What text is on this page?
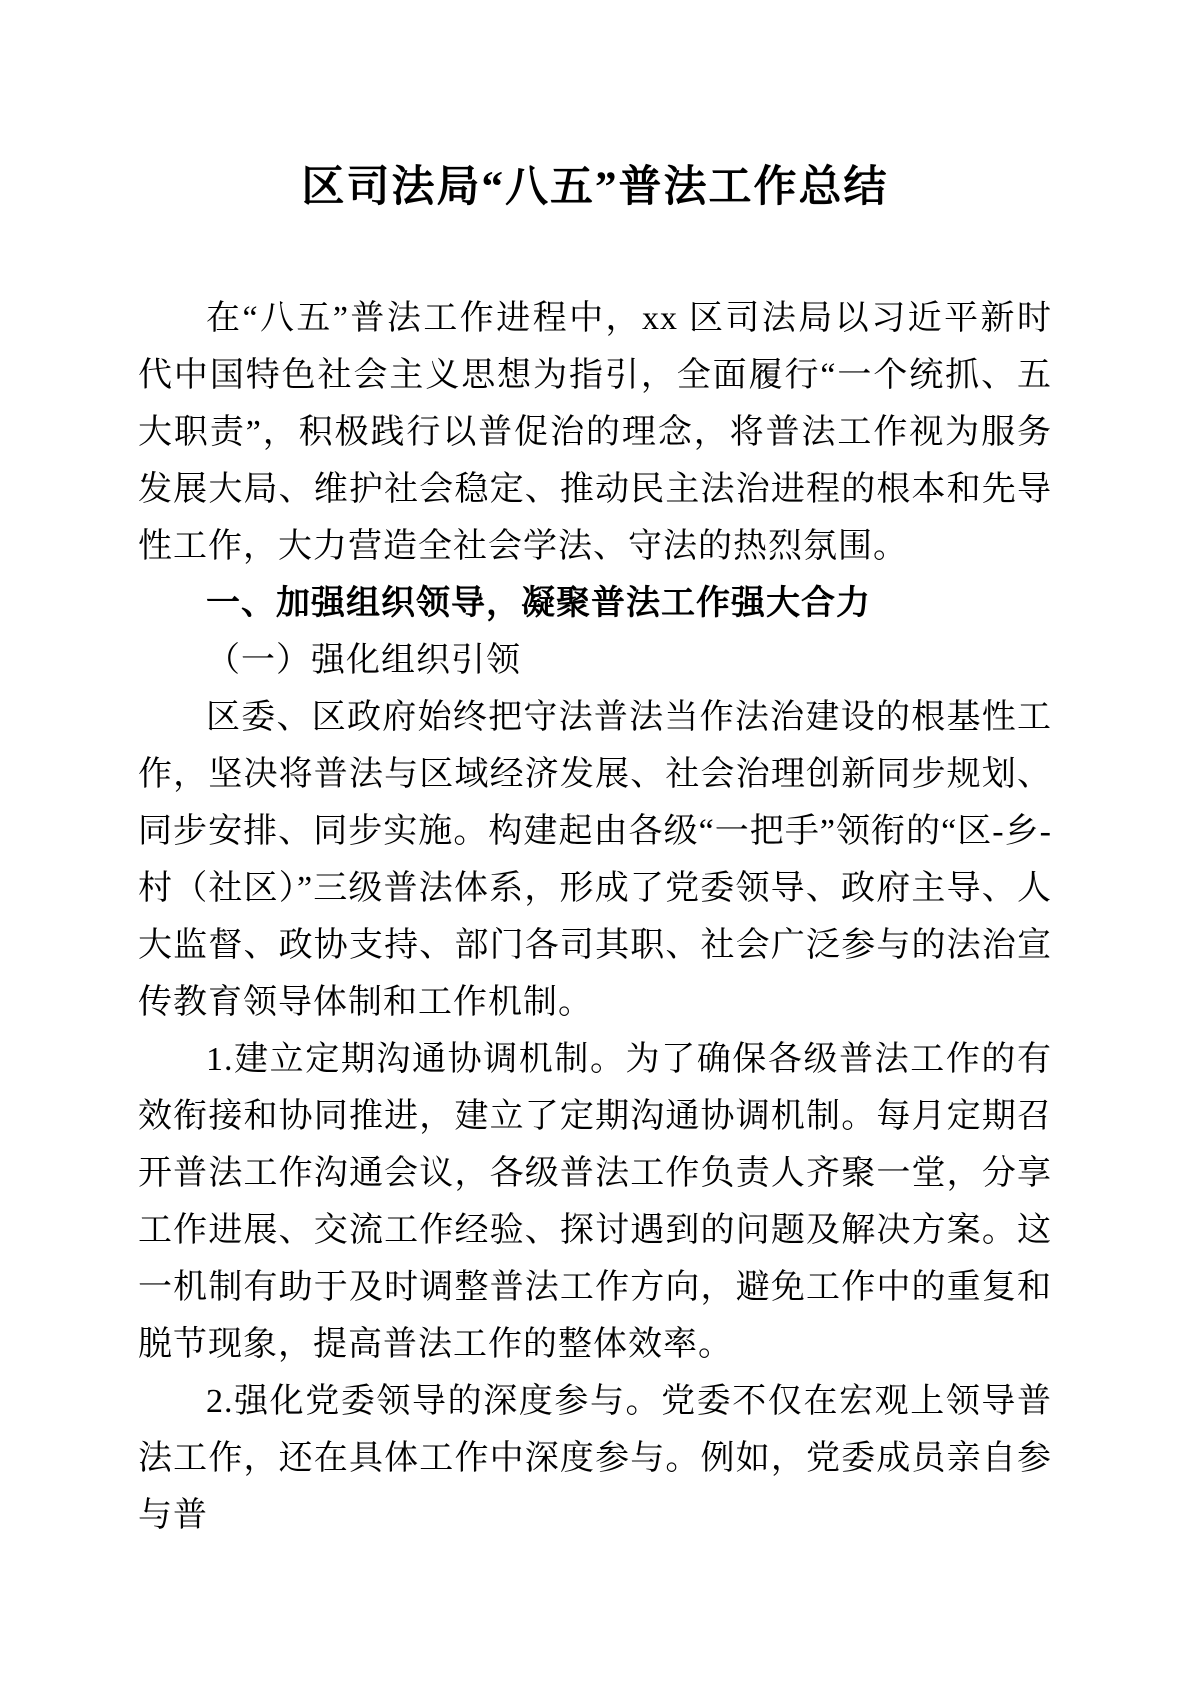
区司法局“八五”普法工作总结

在“八五”普法工作进程中，xx 区司法局以习近平新时代中国特色社会主义思想为指引，全面履行“一个统抓、五大职责”，积极践行以普促治的理念，将普法工作视为服务发展大局、维护社会稳定、推动民主法治进程的根本和先导性工作，大力营造全社会学法、守法的热烈氛围。

一、加强组织领导，凝聚普法工作强大合力
（一）强化组织引领

区委、区政府始终把守法普法当作法治建设的根基性工作，坚决将普法与区域经济发展、社会治理创新同步规划、同步安排、同步实施。构建起由各级“一把手”领衔的“区-乡-村（社区）”三级普法体系，形成了党委领导、政府主导、人大监督、政协支持、部门各司其职、社会广泛参与的法治宣传教育领导体制和工作机制。

1.建立定期沟通协调机制。为了确保各级普法工作的有效衔接和协同推进，建立了定期沟通协调机制。每月定期召开普法工作沟通会议，各级普法工作负责人齐聚一堂，分享工作进展、交流工作经验、探讨遇到的问题及解决方案。这一机制有助于及时调整普法工作方向，避免工作中的重复和脱节现象，提高普法工作的整体效率。

2.强化党委领导的深度参与。党委不仅在宏观上领导普法工作，还在具体工作中深度参与。例如，党委成员亲自参与普
